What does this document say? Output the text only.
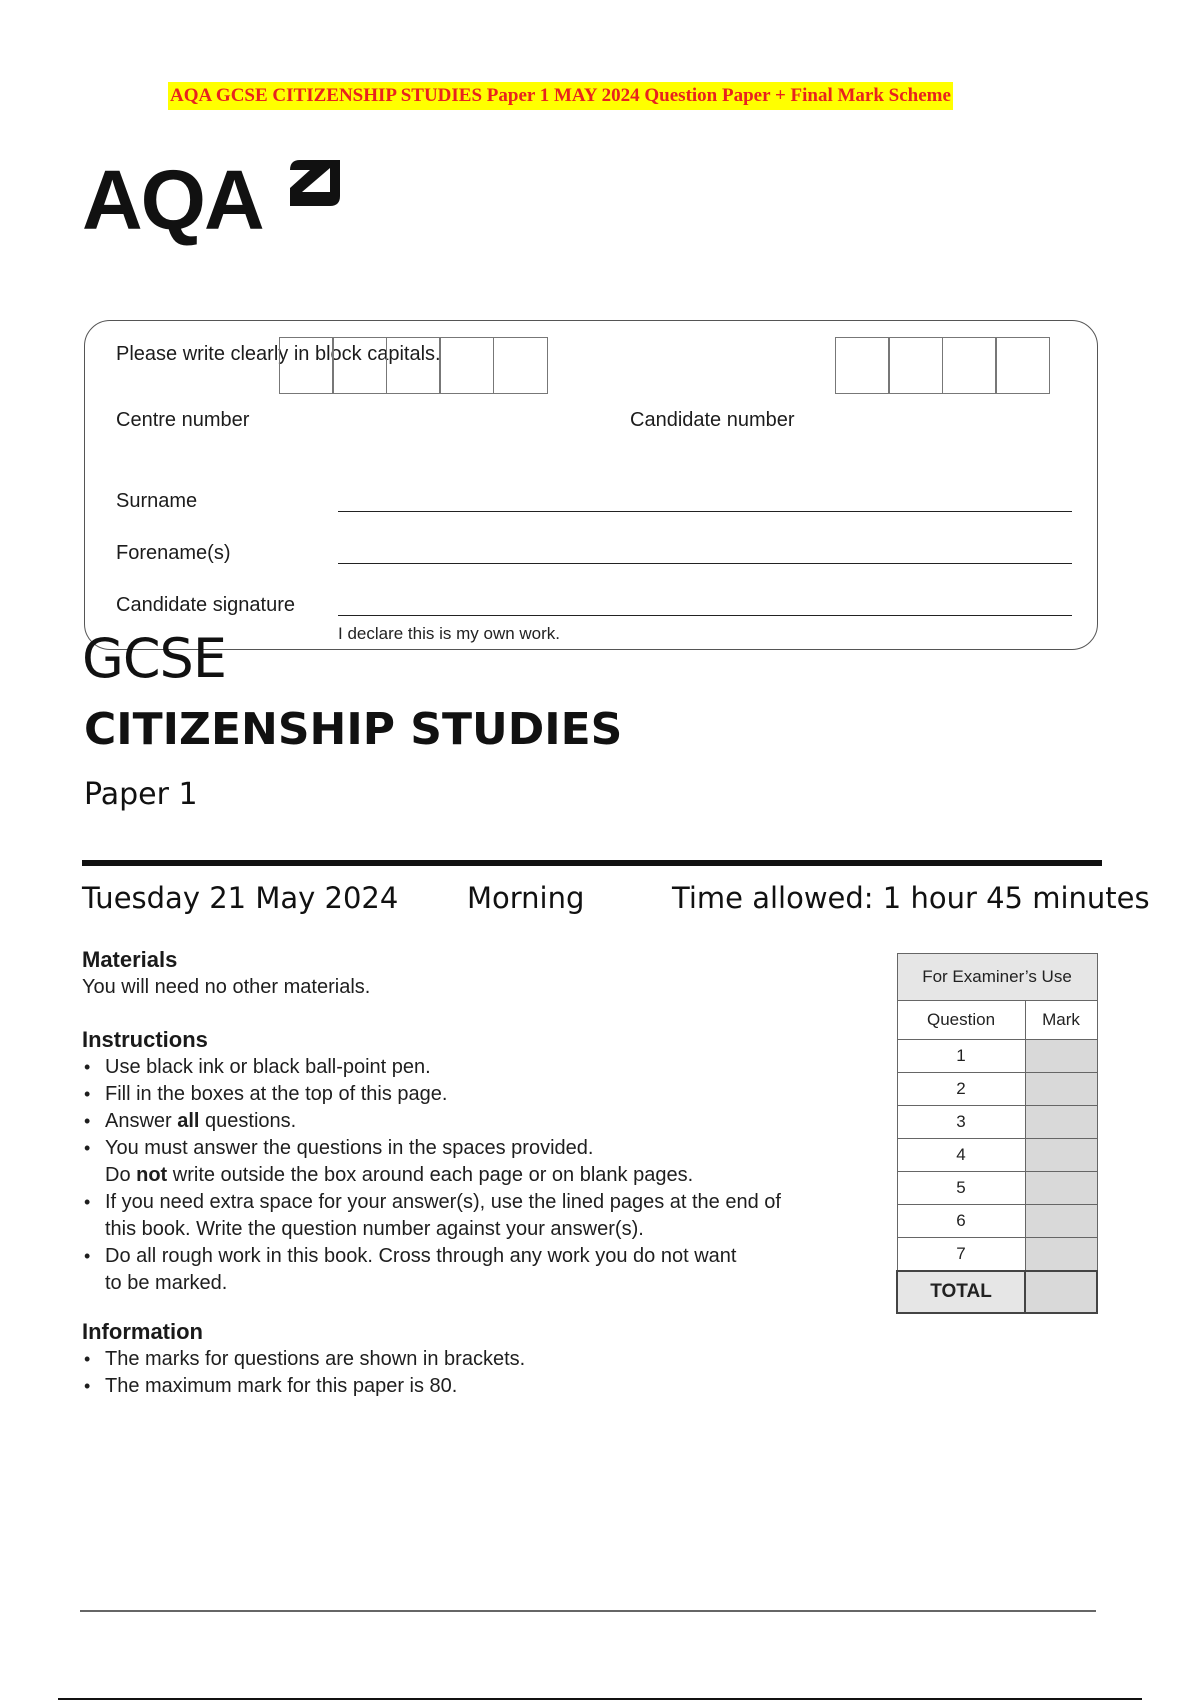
AQA GCSE CITIZENSHIP STUDIES Paper 1 MAY 2024 Question Paper + Final Mark Scheme
AQA
Please write clearly in block capitals.
Centre number	Candidate number
Surname
Forename(s)
Candidate signature
I declare this is my own work.
GCSE
CITIZENSHIP STUDIES
Paper 1
Tuesday 21 May 2024 Morning	Time allowed: 1 hour 45 minutes
Materials
You will need no other materials.
Instructions
• Use black ink or black ball-point pen.
• Fill in the boxes at the top of this page.
• Answer all questions.
• You must answer the questions in the spaces provided.
Do not write outside the box around each page or on blank pages.
• If you need extra space for your answer(s), use the lined pages at the end of
this book. Write the question number against your answer(s).
• Do all rough work in this book. Cross through any work you do not want
to be marked.
Information
• The marks for questions are shown in brackets.
• The maximum mark for this paper is 80.
For Examiner’s Use	
Question	Mark
1	
2	
3	
4	
5	
6	
7	
TOTAL	
